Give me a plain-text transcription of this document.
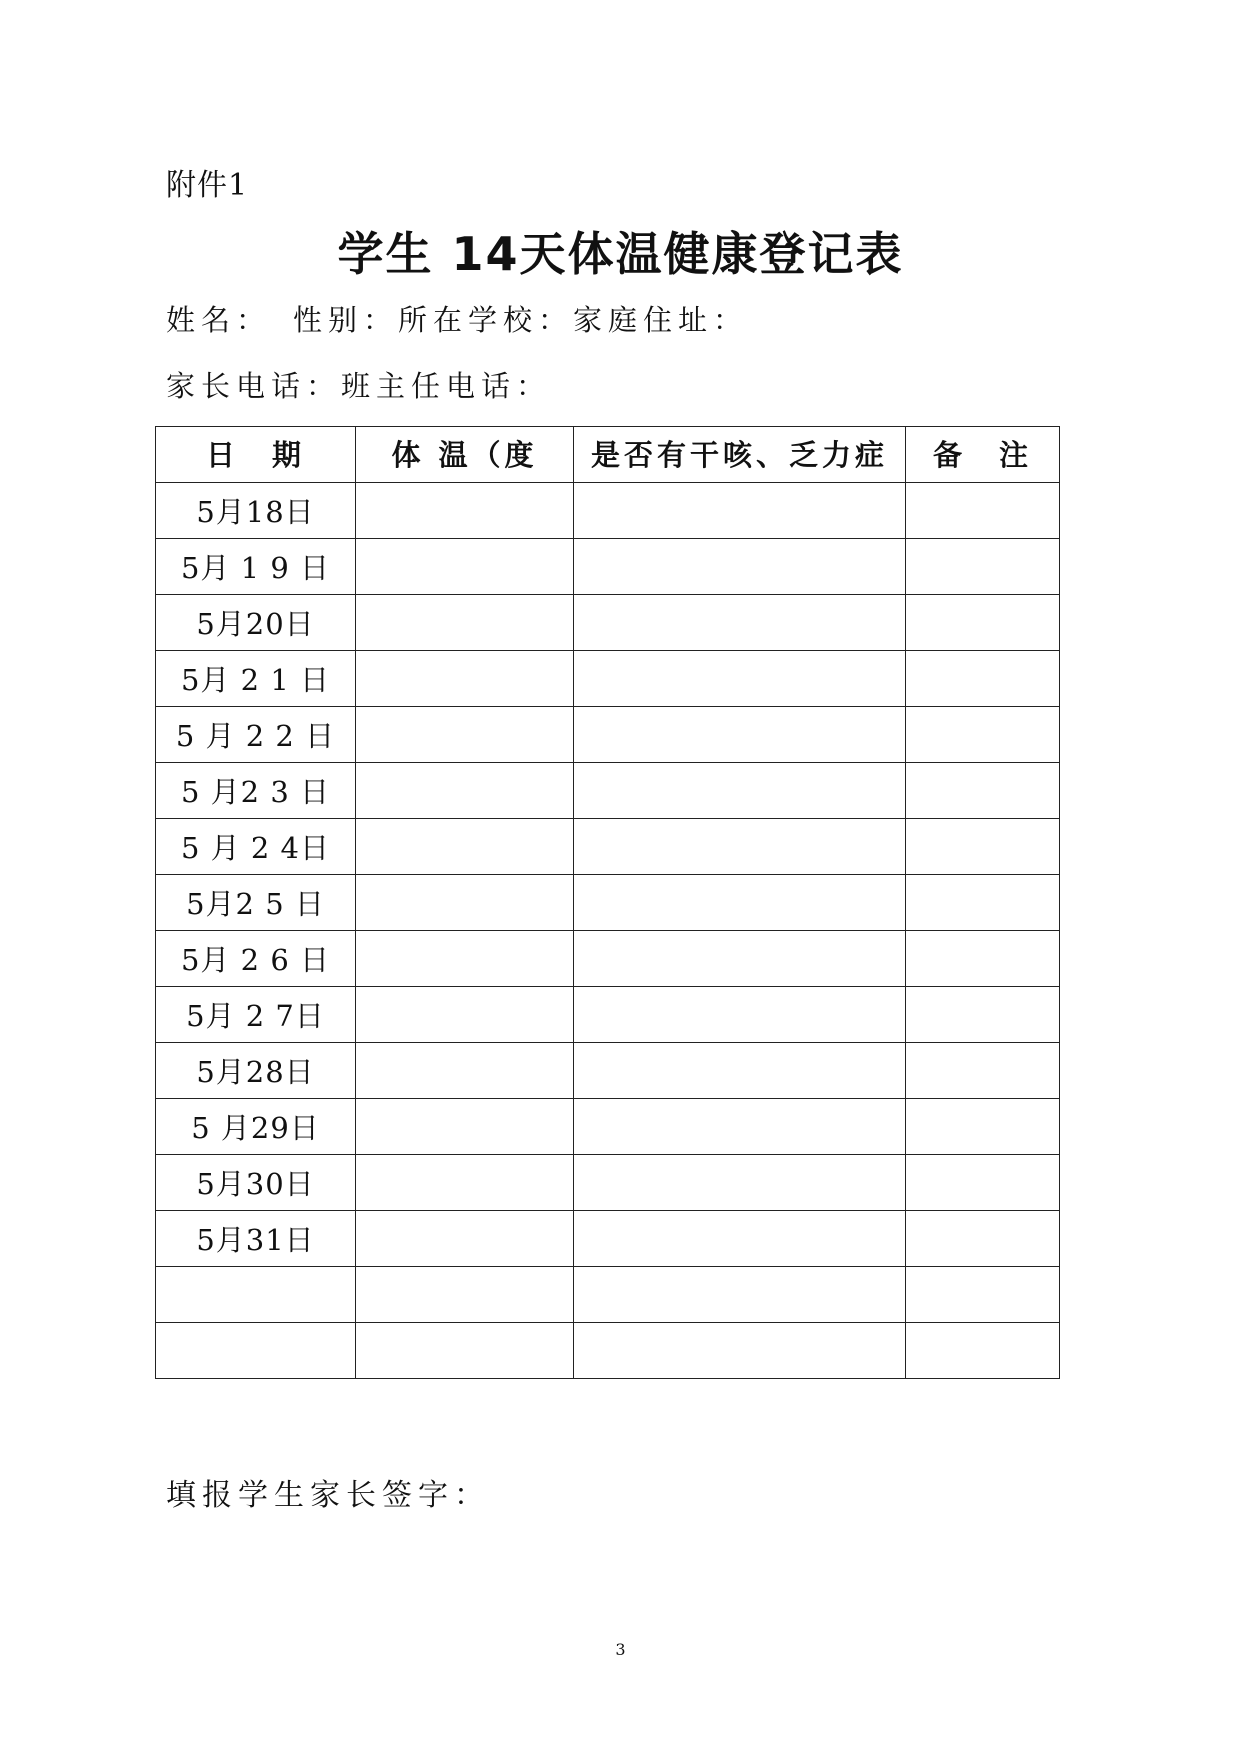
附件1
学生 14天体温健康登记表
姓名： 性别：所在学校：家庭住址：
家长电话：班主任电话：
日　期	体 温（度	是否有干咳、乏力症	备　注

5月18日			
5月 1 9 日			
5月20日			
5月 2 1 日			
5 月 2 2 日			
5 月2 3 日			
5 月 2 4日			
5月2 5 日			
5月 2 6 日			
5月 2 7日			
5月28日			
5 月29日			
5月30日			
5月31日			

填报学生家长签字：
3
